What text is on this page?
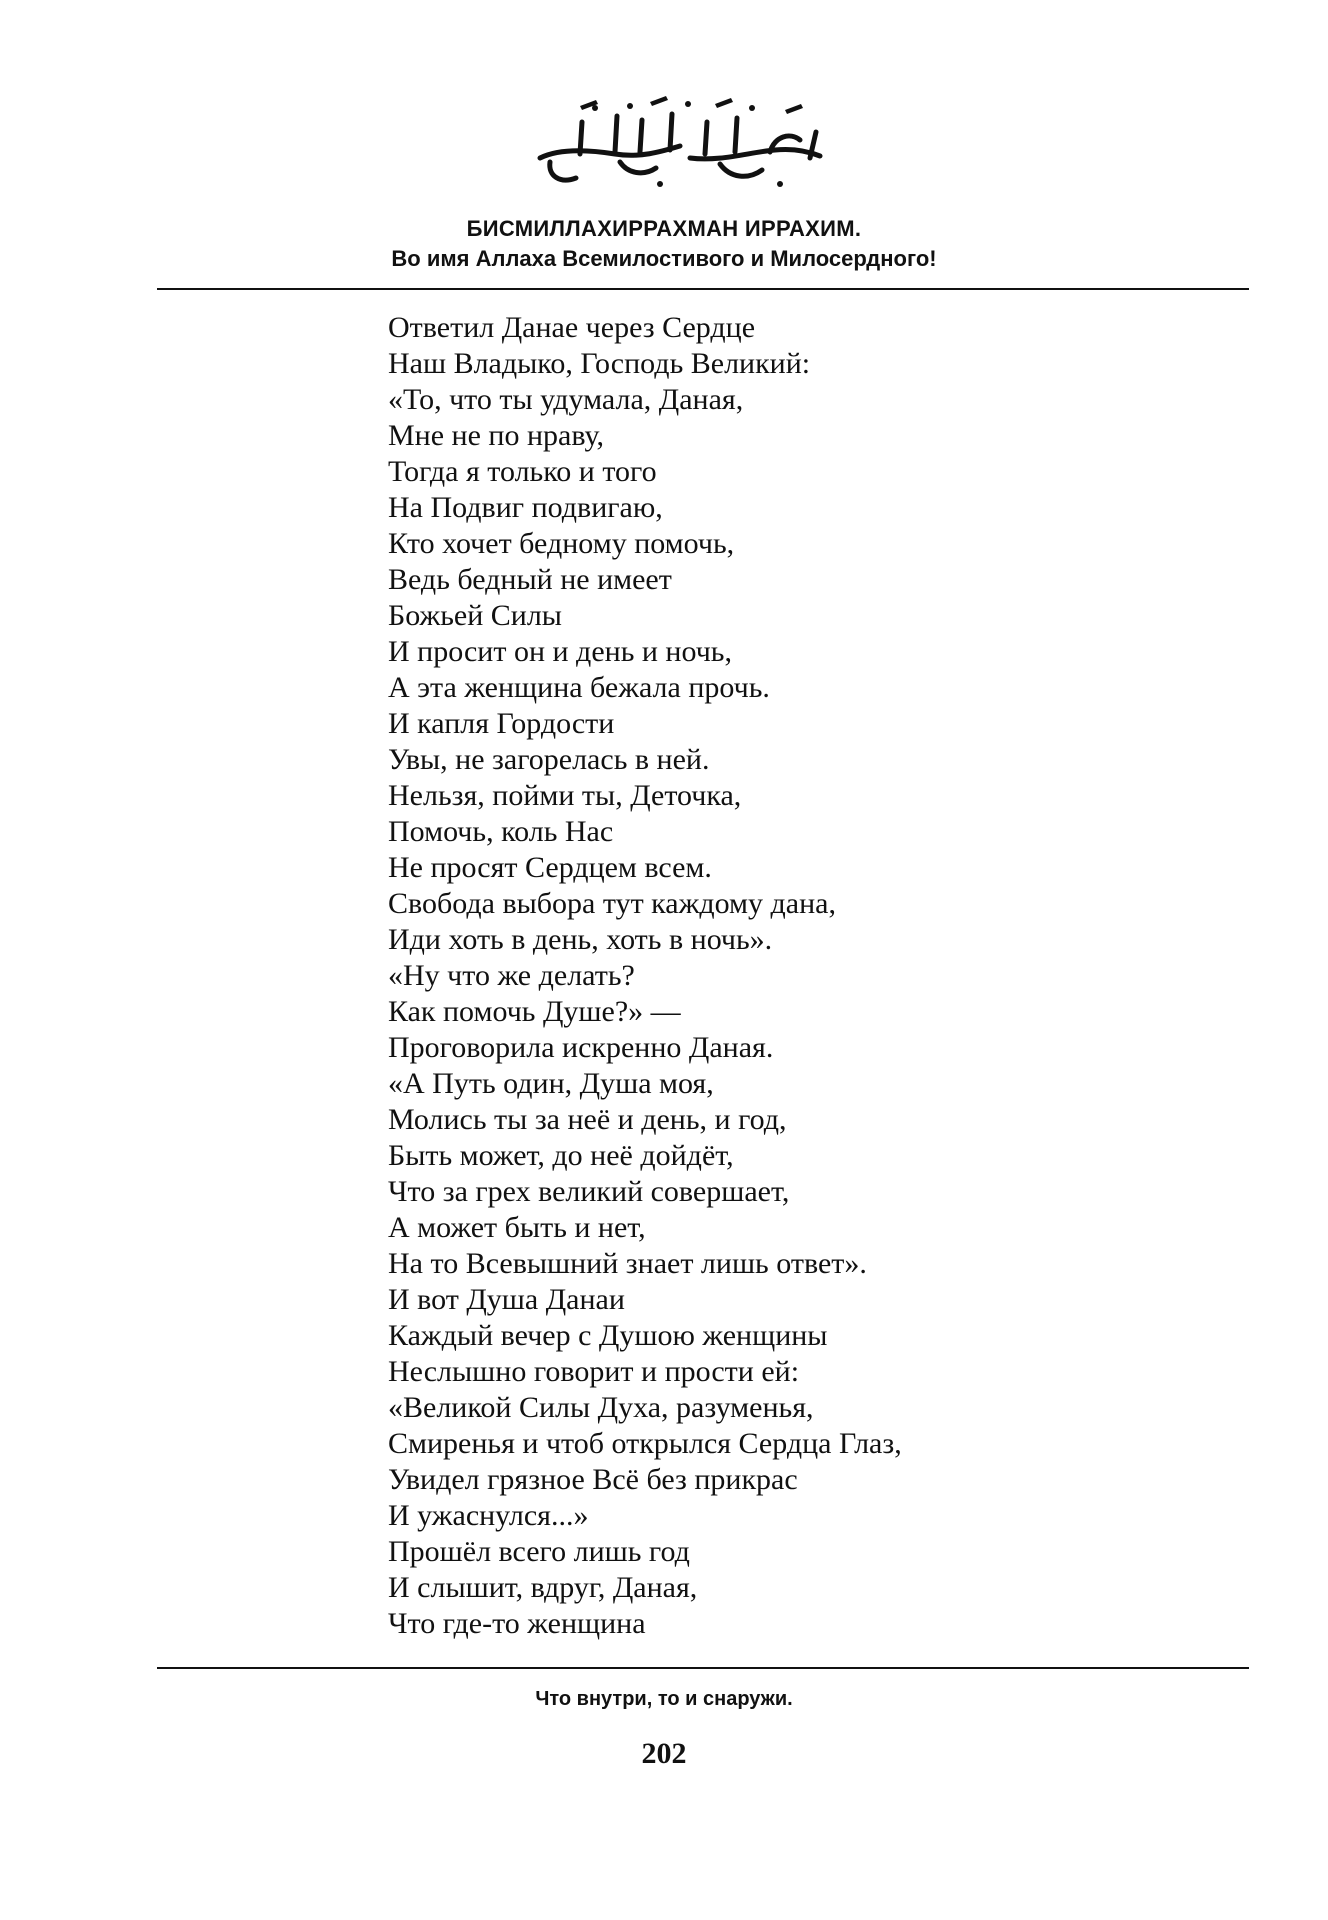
БИСМИЛЛАХИРРАХМАН ИРРАХИМ.
Во имя Аллаха Всемилостивого и Милосердного!
Ответил Данае через Сердце
Наш Владыко, Господь Великий:
«То, что ты удумала, Даная,
Мне не по нраву,
Тогда я только и того
На Подвиг подвигаю,
Кто хочет бедному помочь,
Ведь бедный не имеет
Божьей Силы
И просит он и день и ночь,
А эта женщина бежала прочь.
И капля Гордости
Увы, не загорелась в ней.
Нельзя, пойми ты, Деточка,
Помочь, коль Нас
Не просят Сердцем всем.
Свобода выбора тут каждому дана,
Иди хоть в день, хоть в ночь».
«Ну что же делать?
Как помочь Душе?» —
Проговорила искренно Даная.
«А Путь один, Душа моя,
Молись ты за неё и день, и год,
Быть может, до неё дойдёт,
Что за грех великий совершает,
А может быть и нет,
На то Всевышний знает лишь ответ».
И вот Душа Данаи
Каждый вечер с Душою женщины
Неслышно говорит и прости ей:
«Великой Силы Духа, разуменья,
Смиренья и чтоб открылся Сердца Глаз,
Увидел грязное Всё без прикрас
И ужаснулся...»
Прошёл всего лишь год
И слышит, вдруг, Даная,
Что где-то женщина
Что внутри, то и снаружи.
202
